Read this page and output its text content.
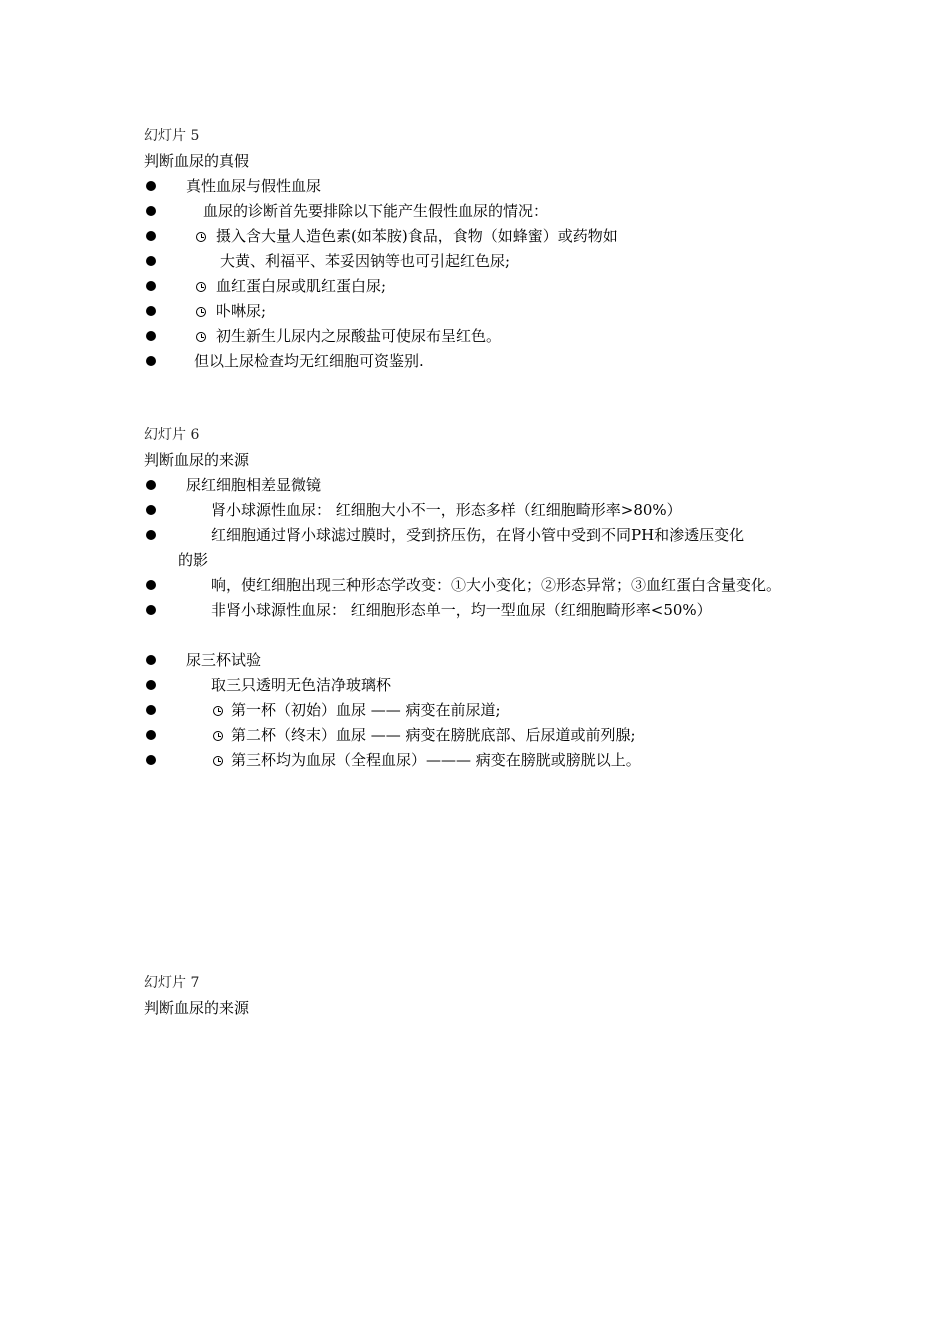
幻灯片 5
判断血尿的真假
真性血尿与假性血尿
血尿的诊断首先要排除以下能产生假性血尿的情况：
摄入含大量人造色素(如苯胺)食品，食物（如蜂蜜）或药物如
大黄、利福平、苯妥因钠等也可引起红色尿;
血红蛋白尿或肌红蛋白尿;
卟啉尿;
初生新生儿尿内之尿酸盐可使尿布呈红色。
但以上尿检查均无红细胞可资鉴别.
幻灯片 6
判断血尿的来源
尿红细胞相差显微镜
肾小球源性血尿： 红细胞大小不一，形态多样（红细胞畸形率>80%）
红细胞通过肾小球滤过膜时，受到挤压伤，在肾小管中受到不同PH和渗透压变化
的影
响，使红细胞出现三种形态学改变：①大小变化；②形态异常；③血红蛋白含量变化。
非肾小球源性血尿： 红细胞形态单一，均一型血尿（红细胞畸形率<50%）
尿三杯试验
取三只透明无色洁净玻璃杯
第一杯（初始）血尿 —— 病变在前尿道;
第二杯（终末）血尿 —— 病变在膀胱底部、后尿道或前列腺;
第三杯均为血尿（全程血尿）——— 病变在膀胱或膀胱以上。
幻灯片 7
判断血尿的来源
